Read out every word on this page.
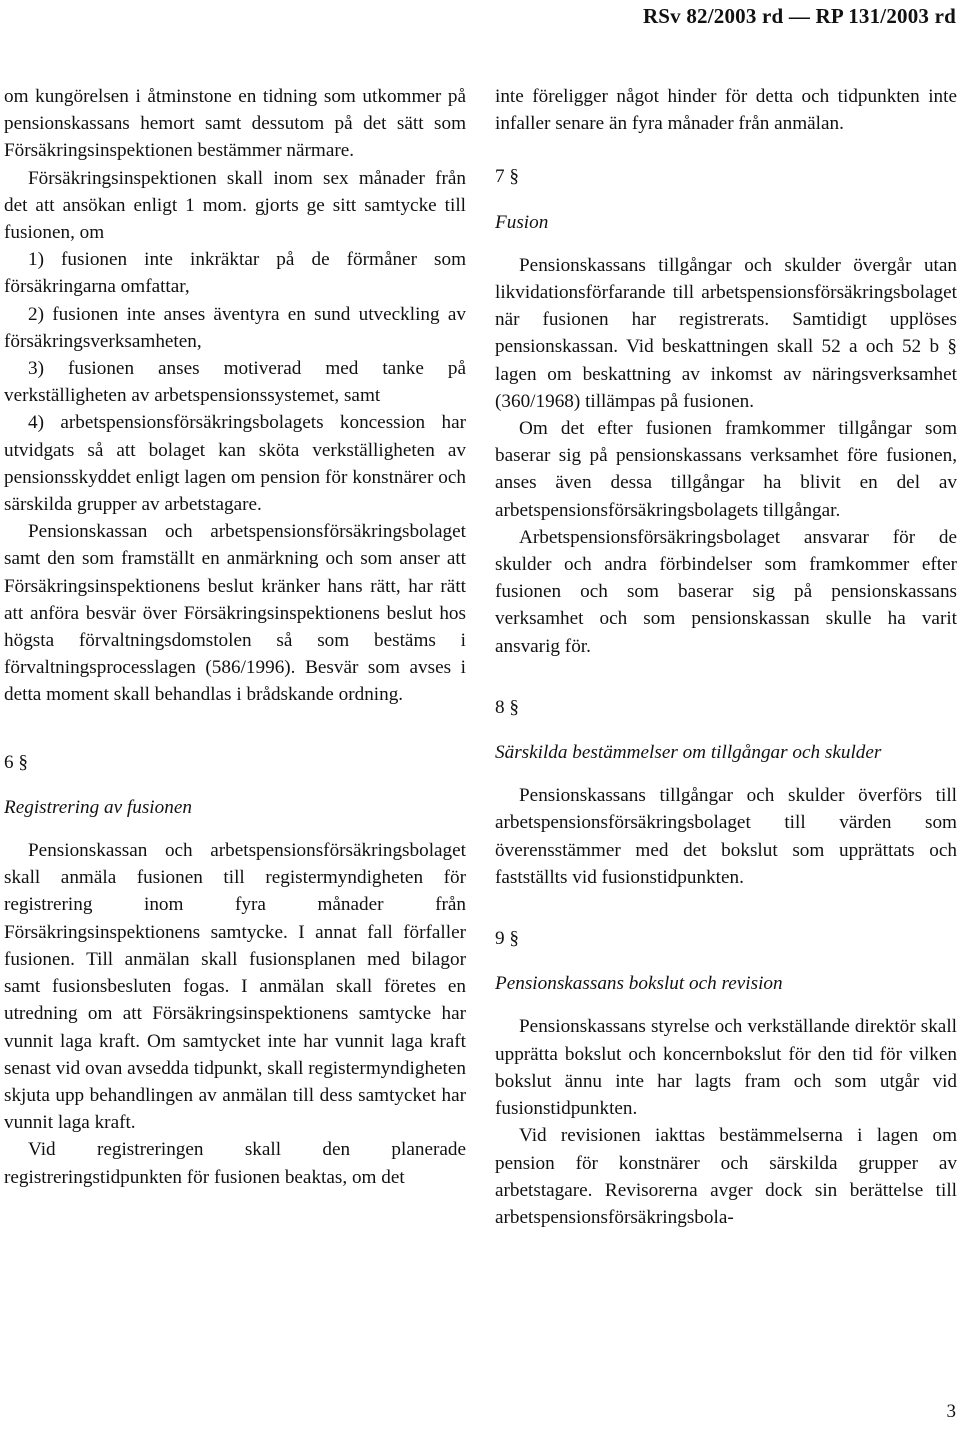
RSv 82/2003 rd — RP 131/2003 rd

om kungörelsen i åtminstone en tidning som utkommer på pensionskassans hemort samt dessutom på det sätt som Försäkringsinspektionen bestämmer närmare.

Försäkringsinspektionen skall inom sex månader från det att ansökan enligt 1 mom. gjorts ge sitt samtycke till fusionen, om

1) fusionen inte inkräktar på de förmåner som försäkringarna omfattar,

2) fusionen inte anses äventyra en sund utveckling av försäkringsverksamheten,

3) fusionen anses motiverad med tanke på verkställigheten av arbetspensionssystemet, samt

4) arbetspensionsförsäkringsbolagets koncession har utvidgats så att bolaget kan sköta verkställigheten av pensionsskyddet enligt lagen om pension för konstnärer och särskilda grupper av arbetstagare.

Pensionskassan och arbetspensionsförsäkringsbolaget samt den som framställt en anmärkning och som anser att Försäkringsinspektionens beslut kränker hans rätt, har rätt att anföra besvär över Försäkringsinspektionens beslut hos högsta förvaltningsdomstolen så som bestäms i förvaltningsprocesslagen (586/1996). Besvär som avses i detta moment skall behandlas i brådskande ordning.

6 §

Registrering av fusionen

Pensionskassan och arbetspensionsförsäkringsbolaget skall anmäla fusionen till registermyndigheten för registrering inom fyra månader från Försäkringsinspektionens samtycke. I annat fall förfaller fusionen. Till anmälan skall fusionsplanen med bilagor samt fusionsbesluten fogas. I anmälan skall företes en utredning om att Försäkringsinspektionens samtycke har vunnit laga kraft. Om samtycket inte har vunnit laga kraft senast vid ovan avsedda tidpunkt, skall registermyndigheten skjuta upp behandlingen av anmälan till dess samtycket har vunnit laga kraft.

Vid registreringen skall den planerade registreringstidpunkten för fusionen beaktas, om det

inte föreligger något hinder för detta och tidpunkten inte infaller senare än fyra månader från anmälan.

7 §

Fusion

Pensionskassans tillgångar och skulder övergår utan likvidationsförfarande till arbetspensionsförsäkringsbolaget när fusionen har registrerats. Samtidigt upplöses pensionskassan. Vid beskattningen skall 52 a och 52 b § lagen om beskattning av inkomst av näringsverksamhet (360/1968) tillämpas på fusionen.

Om det efter fusionen framkommer tillgångar som baserar sig på pensionskassans verksamhet före fusionen, anses även dessa tillgångar ha blivit en del av arbetspensionsförsäkringsbolagets tillgångar.

Arbetspensionsförsäkringsbolaget ansvarar för de skulder och andra förbindelser som framkommer efter fusionen och som baserar sig på pensionskassans verksamhet och som pensionskassan skulle ha varit ansvarig för.

8 §

Särskilda bestämmelser om tillgångar och skulder

Pensionskassans tillgångar och skulder överförs till arbetspensionsförsäkringsbolaget till värden som överensstämmer med det bokslut som upprättats och fastställts vid fusionstidpunkten.

9 §

Pensionskassans bokslut och revision

Pensionskassans styrelse och verkställande direktör skall upprätta bokslut och koncernbokslut för den tid för vilken bokslut ännu inte har lagts fram och som utgår vid fusionstidpunkten.

Vid revisionen iakttas bestämmelserna i lagen om pension för konstnärer och särskilda grupper av arbetstagare. Revisorerna avger dock sin berättelse till arbetspensionsförsäkringsbola-

3
